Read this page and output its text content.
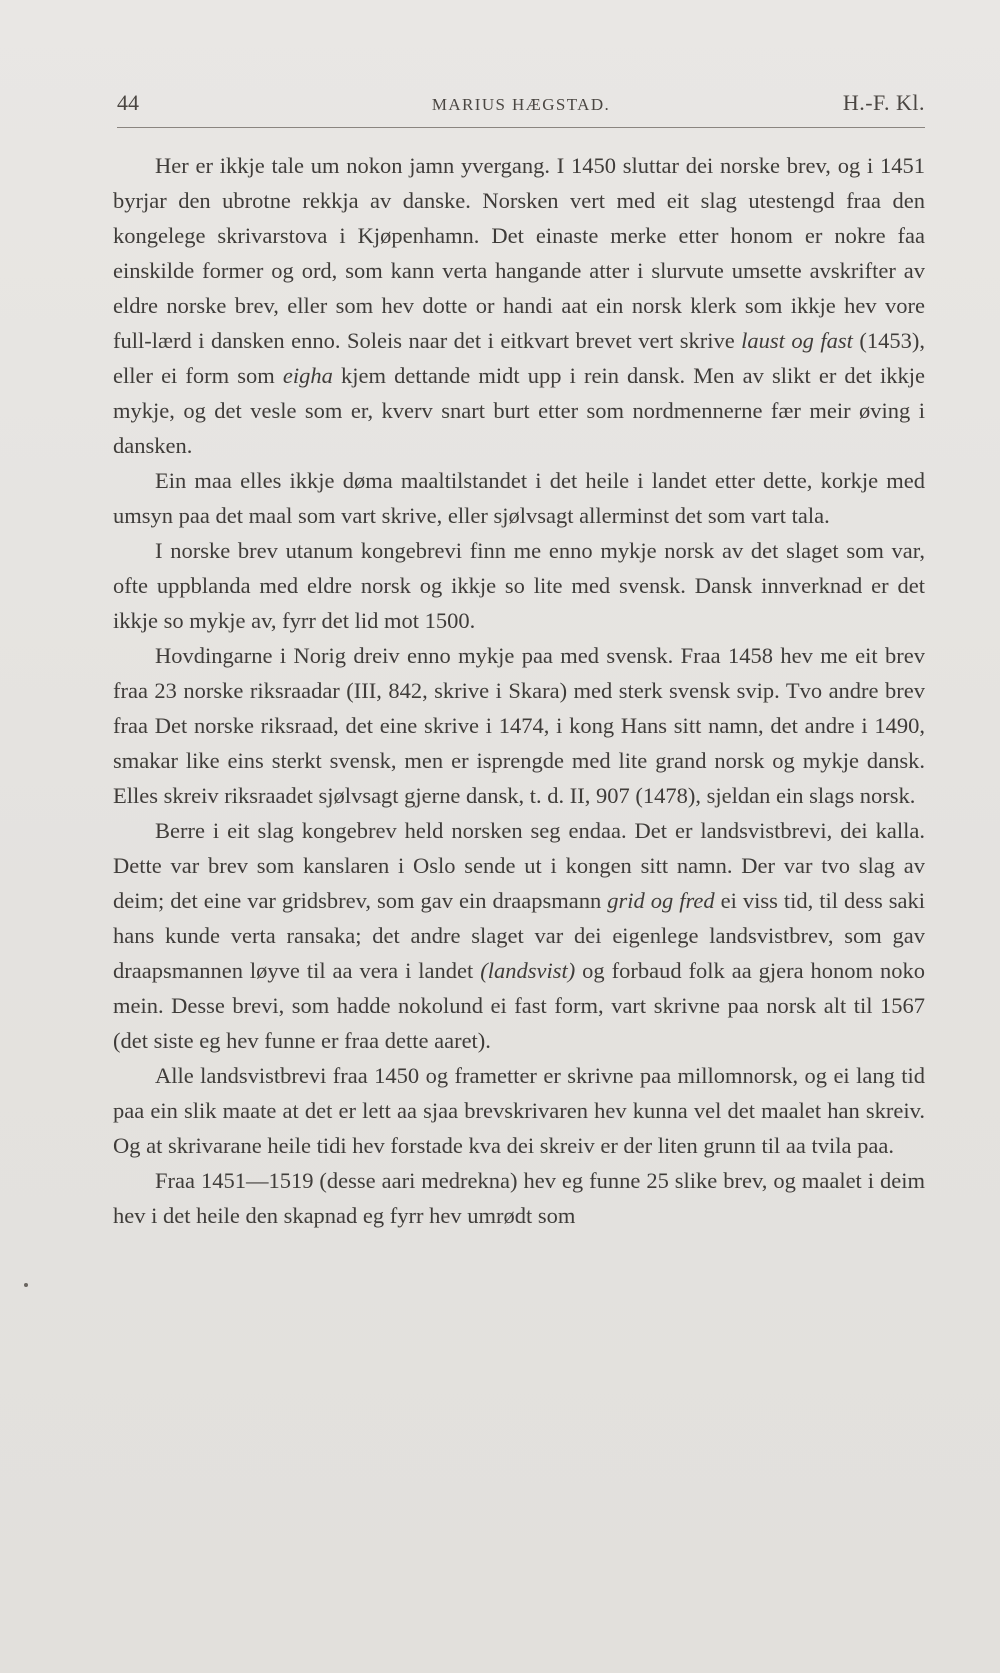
44	MARIUS HÆGSTAD.	H.-F. Kl.

Her er ikkje tale um nokon jamn yvergang. I 1450 sluttar dei norske brev, og i 1451 byrjar den ubrotne rekkja av danske. Norsken vert med eit slag utestengd fraa den kongelege skrivarstova i Kjøpenhamn. Det einaste merke etter honom er nokre faa einskilde former og ord, som kann verta hangande atter i slurvute umsette avskrifter av eldre norske brev, eller som hev dotte or handi aat ein norsk klerk som ikkje hev vore full-lærd i dansken enno. Soleis naar det i eitkvart brevet vert skrive laust og fast (1453), eller ei form som eigha kjem dettande midt upp i rein dansk. Men av slikt er det ikkje mykje, og det vesle som er, kverv snart burt etter som nordmennerne fær meir øving i dansken.

Ein maa elles ikkje døma maaltilstandet i det heile i landet etter dette, korkje med umsyn paa det maal som vart skrive, eller sjølvsagt allerminst det som vart tala.

I norske brev utanum kongebrevi finn me enno mykje norsk av det slaget som var, ofte uppblanda med eldre norsk og ikkje so lite med svensk. Dansk innverknad er det ikkje so mykje av, fyrr det lid mot 1500.

Hovdingarne i Norig dreiv enno mykje paa med svensk. Fraa 1458 hev me eit brev fraa 23 norske riksraadar (III, 842, skrive i Skara) med sterk svensk svip. Tvo andre brev fraa Det norske riksraad, det eine skrive i 1474, i kong Hans sitt namn, det andre i 1490, smakar like eins sterkt svensk, men er isprengde med lite grand norsk og mykje dansk. Elles skreiv riksraadet sjølvsagt gjerne dansk, t. d. II, 907 (1478), sjeldan ein slags norsk.

Berre i eit slag kongebrev held norsken seg endaa. Det er landsvistbrevi, dei kalla. Dette var brev som kanslaren i Oslo sende ut i kongen sitt namn. Der var tvo slag av deim; det eine var gridsbrev, som gav ein draapsmann grid og fred ei viss tid, til dess saki hans kunde verta ransaka; det andre slaget var dei eigenlege landsvistbrev, som gav draapsmannen løyve til aa vera i landet (landsvist) og forbaud folk aa gjera honom noko mein. Desse brevi, som hadde nokolund ei fast form, vart skrivne paa norsk alt til 1567 (det siste eg hev funne er fraa dette aaret).

Alle landsvistbrevi fraa 1450 og frametter er skrivne paa millomnorsk, og ei lang tid paa ein slik maate at det er lett aa sjaa brevskrivaren hev kunna vel det maalet han skreiv. Og at skrivarane heile tidi hev forstade kva dei skreiv er der liten grunn til aa tvila paa.

Fraa 1451—1519 (desse aari medrekna) hev eg funne 25 slike brev, og maalet i deim hev i det heile den skapnad eg fyrr hev umrødt som
